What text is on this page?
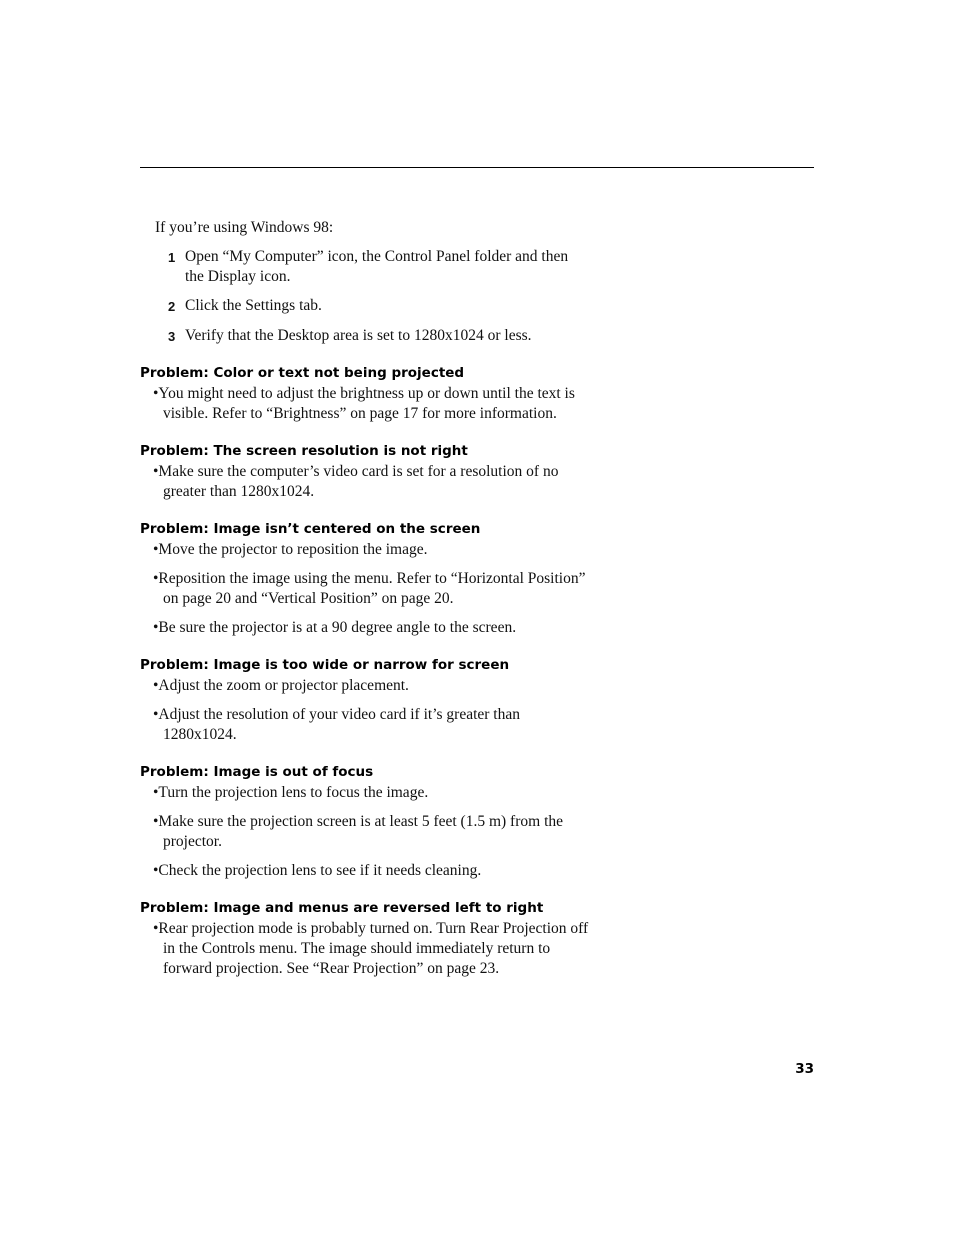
If you’re using Windows 98:

1 Open “My Computer” icon, the Control Panel folder and then the Display icon.
2 Click the Settings tab.
3 Verify that the Desktop area is set to 1280x1024 or less.
Problem: Color or text not being projected

•You might need to adjust the brightness up or down until the text is visible. Refer to “Brightness” on page 17 for more information.

Problem: The screen resolution is not right

•Make sure the computer’s video card is set for a resolution of no greater than 1280x1024.

Problem: Image isn’t centered on the screen

•Move the projector to reposition the image.

•Reposition the image using the menu. Refer to “Horizontal Position” on page 20 and “Vertical Position” on page 20.

•Be sure the projector is at a 90 degree angle to the screen.

Problem: Image is too wide or narrow for screen

•Adjust the zoom or projector placement.

•Adjust the resolution of your video card if it’s greater than 1280x1024.

Problem: Image is out of focus

•Turn the projection lens to focus the image.

•Make sure the projection screen is at least 5 feet (1.5 m) from the projector.

•Check the projection lens to see if it needs cleaning.

Problem: Image and menus are reversed left to right

•Rear projection mode is probably turned on. Turn Rear Projection off in the Controls menu. The image should immediately return to forward projection. See “Rear Projection” on page 23.

33
